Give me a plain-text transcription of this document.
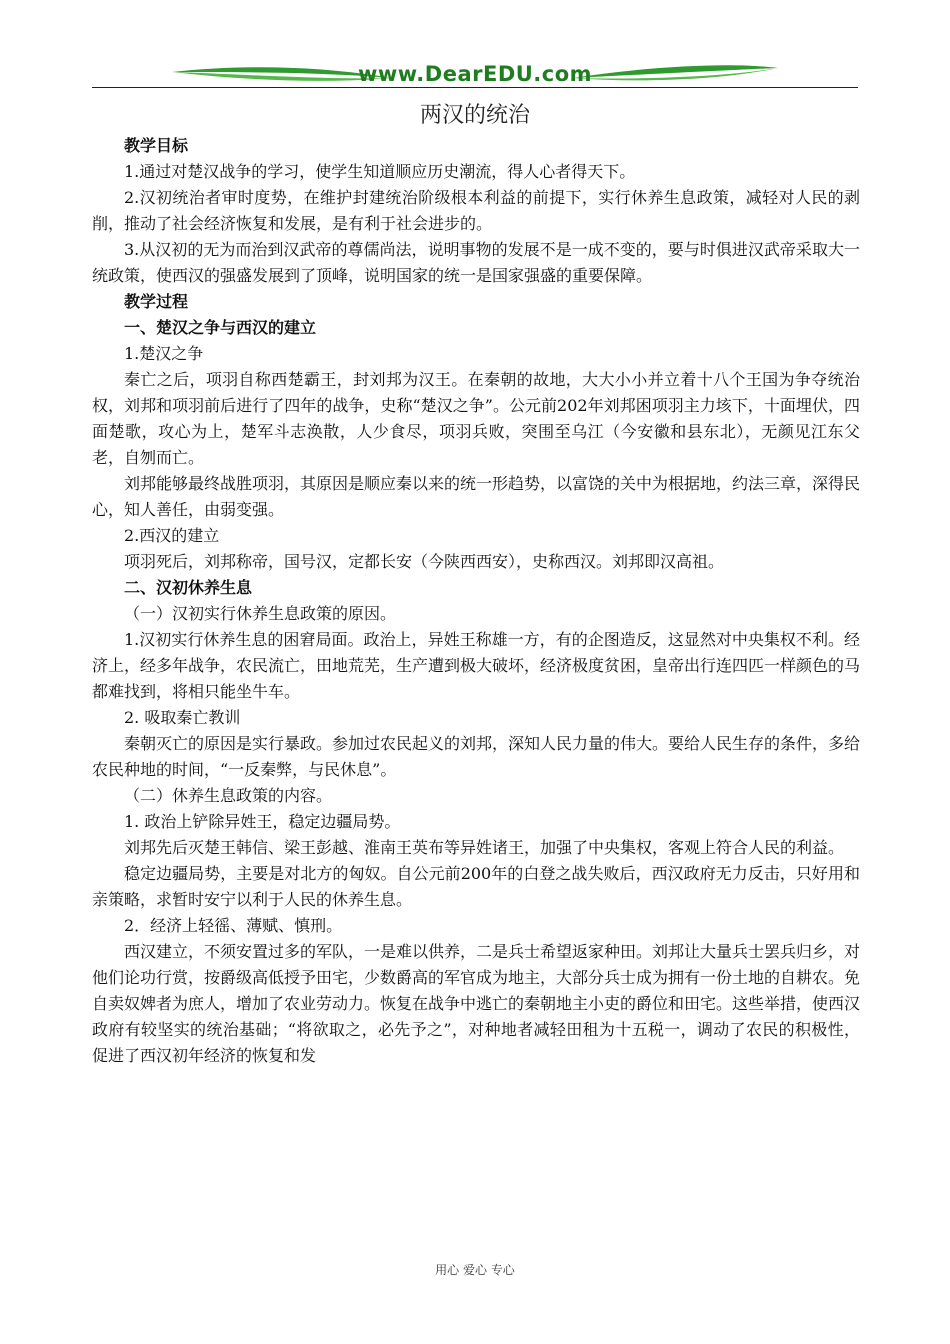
www.DearEDU.com
两汉的统治

教学目标

1.通过对楚汉战争的学习，使学生知道顺应历史潮流，得人心者得天下。

2.汉初统治者审时度势，在维护封建统治阶级根本利益的前提下，实行休养生息政策，减轻对人民的剥削，推动了社会经济恢复和发展，是有利于社会进步的。

3.从汉初的无为而治到汉武帝的尊儒尚法，说明事物的发展不是一成不变的，要与时俱进汉武帝采取大一统政策，使西汉的强盛发展到了顶峰，说明国家的统一是国家强盛的重要保障。

教学过程

一、楚汉之争与西汉的建立

1.楚汉之争

秦亡之后，项羽自称西楚霸王，封刘邦为汉王。在秦朝的故地，大大小小并立着十八个王国为争夺统治权，刘邦和项羽前后进行了四年的战争，史称“楚汉之争”。公元前202年刘邦困项羽主力垓下，十面埋伏，四面楚歌，攻心为上，楚军斗志涣散，人少食尽，项羽兵败，突围至乌江（今安徽和县东北），无颜见江东父老，自刎而亡。

刘邦能够最终战胜项羽，其原因是顺应秦以来的统一形趋势，以富饶的关中为根据地，约法三章，深得民心，知人善任，由弱变强。

2.西汉的建立

项羽死后，刘邦称帝，国号汉，定都长安（今陕西西安），史称西汉。刘邦即汉高祖。

二、汉初休养生息

（一）汉初实行休养生息政策的原因。

1.汉初实行休养生息的困窘局面。政治上，异姓王称雄一方，有的企图造反，这显然对中央集权不利。经济上，经多年战争，农民流亡，田地荒芜，生产遭到极大破坏，经济极度贫困，皇帝出行连四匹一样颜色的马都难找到，将相只能坐牛车。

2. 吸取秦亡教训

秦朝灭亡的原因是实行暴政。参加过农民起义的刘邦，深知人民力量的伟大。要给人民生存的条件，多给农民种地的时间，“一反秦弊，与民休息”。

（二）休养生息政策的内容。

1. 政治上铲除异姓王，稳定边疆局势。

刘邦先后灭楚王韩信、梁王彭越、淮南王英布等异姓诸王，加强了中央集权，客观上符合人民的利益。

稳定边疆局势，主要是对北方的匈奴。自公元前200年的白登之战失败后，西汉政府无力反击，只好用和亲策略，求暂时安宁以利于人民的休养生息。

2．经济上轻徭、薄赋、慎刑。

西汉建立，不须安置过多的军队，一是难以供养，二是兵士希望返家种田。刘邦让大量兵士罢兵归乡，对他们论功行赏，按爵级高低授予田宅，少数爵高的军官成为地主，大部分兵士成为拥有一份土地的自耕农。免自卖奴婢者为庶人，增加了农业劳动力。恢复在战争中逃亡的秦朝地主小吏的爵位和田宅。这些举措，使西汉政府有较坚实的统治基础；“将欲取之，必先予之”，对种地者减轻田租为十五税一，调动了农民的积极性，促进了西汉初年经济的恢复和发

用心 爱心 专心
